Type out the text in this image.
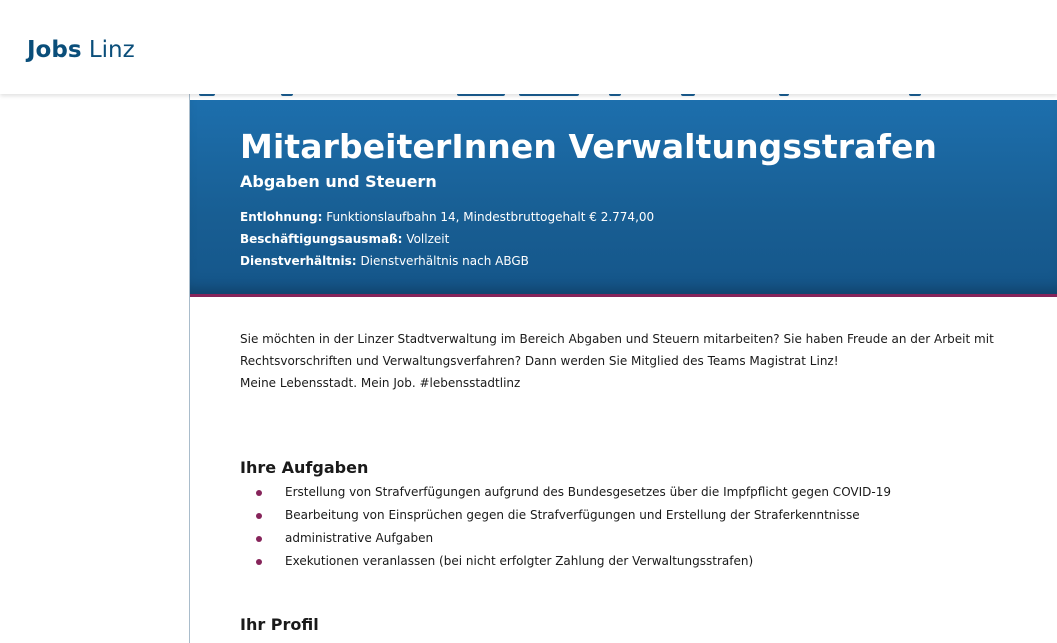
Jobs Linz
MitarbeiterInnen Verwaltungsstrafen
Abgaben und Steuern
Entlohnung: Funktionslaufbahn 14, Mindestbruttogehalt € 2.774,00
Beschäftigungsausmaß: Vollzeit
Dienstverhältnis: Dienstverhältnis nach ABGB

Sie möchten in der Linzer Stadtverwaltung im Bereich Abgaben und Steuern mitarbeiten? Sie haben Freude an der Arbeit mit

Rechtsvorschriften und Verwaltungsverfahren? Dann werden Sie Mitglied des Teams Magistrat Linz!

Meine Lebensstadt. Mein Job. #lebensstadtlinz

Ihre Aufgaben
Erstellung von Strafverfügungen aufgrund des Bundesgesetzes über die Impfpflicht gegen COVID-19
Bearbeitung von Einsprüchen gegen die Strafverfügungen und Erstellung der Straferkenntnisse
administrative Aufgaben
Exekutionen veranlassen (bei nicht erfolgter Zahlung der Verwaltungsstrafen)
Ihr Profil
